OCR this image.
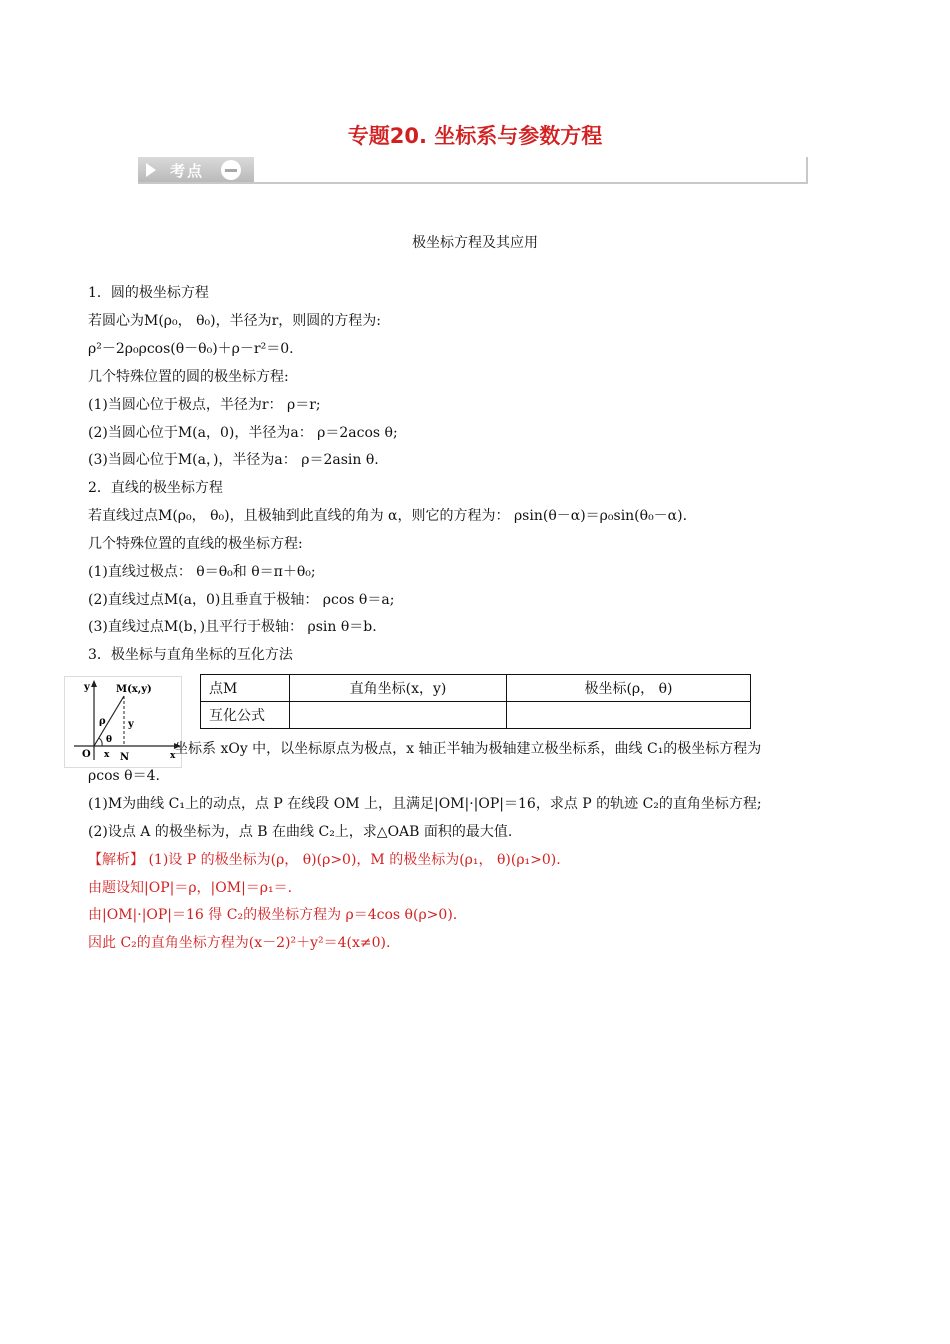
专题20. 坐标系与参数方程
考点
极坐标方程及其应用
1．圆的极坐标方程
若圆心为M(ρ₀， θ₀)，半径为r，则圆的方程为:
ρ²－2ρ₀ρcos(θ－θ₀)＋ρ－r²＝0.
几个特殊位置的圆的极坐标方程:
(1)当圆心位于极点，半径为r： ρ＝r;
(2)当圆心位于M(a，0)，半径为a： ρ＝2acos θ;
(3)当圆心位于M(a，)，半径为a： ρ＝2asin θ.
2．直线的极坐标方程
若直线过点M(ρ₀， θ₀)，且极轴到此直线的角为 α，则它的方程为： ρsin(θ－α)＝ρ₀sin(θ₀－α).
几个特殊位置的直线的极坐标方程:
(1)直线过极点： θ＝θ₀和 θ＝π＋θ₀;
(2)直线过点M(a，0)且垂直于极轴： ρcos θ＝a;
(3)直线过点M(b，)且平行于极轴： ρsin θ＝b.
3．极坐标与直角坐标的互化方法
y	M(x,y)
ρ y
θ
O x N	x
点M	直角坐标(x，y)	极坐标(ρ， θ)
互化公式		
坐标系 xOy 中，以坐标原点为极点，x 轴正半轴为极轴建立极坐标系，曲线 C₁的极坐标方程为
ρcos θ＝4.
(1)M为曲线 C₁上的动点，点 P 在线段 OM 上，且满足|OM|·|OP|＝16，求点 P 的轨迹 C₂的直角坐标方程;
(2)设点 A 的极坐标为，点 B 在曲线 C₂上，求△OAB 面积的最大值.
【解析】 (1)设 P 的极坐标为(ρ， θ)(ρ>0)，M 的极坐标为(ρ₁， θ)(ρ₁>0).
由题设知|OP|＝ρ，|OM|＝ρ₁＝.
由|OM|·|OP|＝16 得 C₂的极坐标方程为 ρ＝4cos θ(ρ>0).
因此 C₂的直角坐标方程为(x－2)²＋y²＝4(x≠0).
